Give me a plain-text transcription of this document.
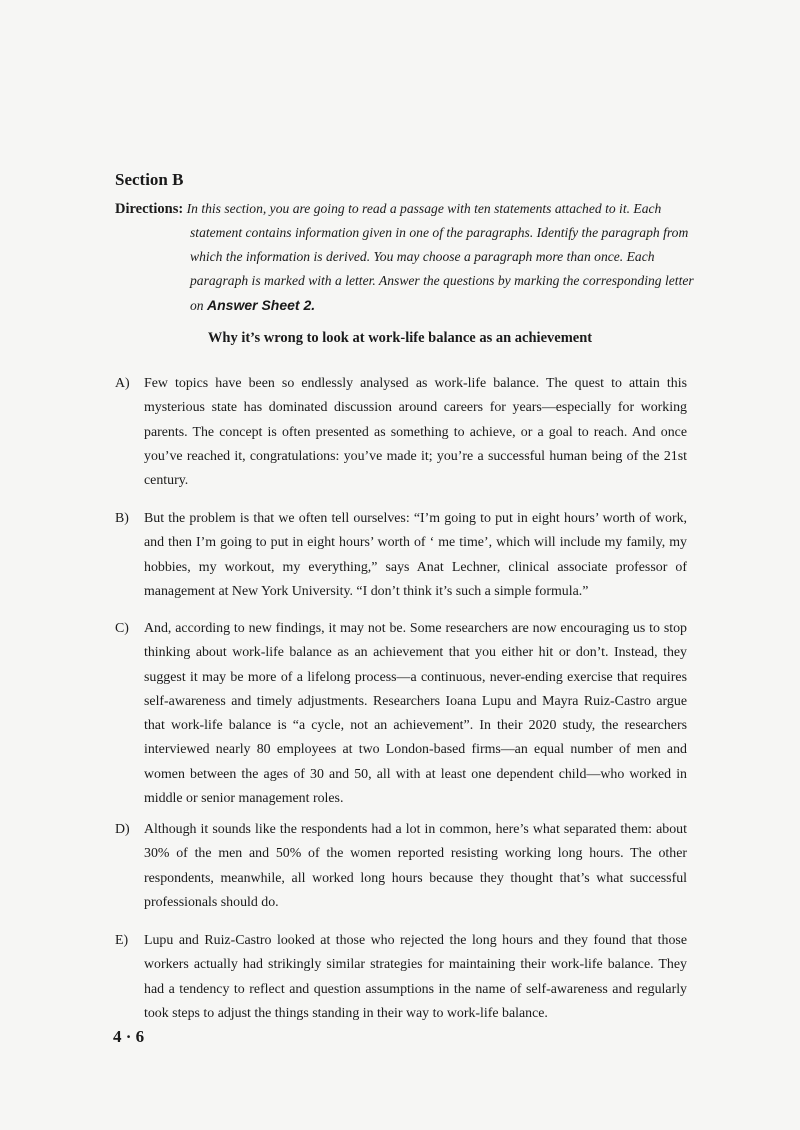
Section B
Directions: In this section, you are going to read a passage with ten statements attached to it. Each
statement contains information given in one of the paragraphs. Identify the paragraph from
which the information is derived. You may choose a paragraph more than once. Each
paragraph is marked with a letter. Answer the questions by marking the corresponding letter
on Answer Sheet 2.
Why it’s wrong to look at work-life balance as an achievement
A)	Few topics have been so endlessly analysed as work-life balance. The quest to attain this mysterious state has dominated discussion around careers for years—especially for working parents. The concept is often presented as something to achieve, or a goal to reach. And once you’ve reached it, congratulations: you’ve made it; you’re a successful human being of the 21st century.
B)	But the problem is that we often tell ourselves: “I’m going to put in eight hours’ worth of work, and then I’m going to put in eight hours’ worth of ‘ me time’, which will include my family, my hobbies, my workout, my everything,” says Anat Lechner, clinical associate professor of management at New York University. “I don’t think it’s such a simple formula.”
C)	And, according to new findings, it may not be. Some researchers are now encouraging us to stop thinking about work-life balance as an achievement that you either hit or don’t. Instead, they suggest it may be more of a lifelong process—a continuous, never-ending exercise that requires self-awareness and timely adjustments. Researchers Ioana Lupu and Mayra Ruiz-Castro argue that work-life balance is “a cycle, not an achievement”. In their 2020 study, the researchers interviewed nearly 80 employees at two London-based firms—an equal number of men and women between the ages of 30 and 50, all with at least one dependent child—who worked in middle or senior management roles.
D)	Although it sounds like the respondents had a lot in common, here’s what separated them: about 30% of the men and 50% of the women reported resisting working long hours. The other respondents, meanwhile, all worked long hours because they thought that’s what successful professionals should do.
E)	Lupu and Ruiz-Castro looked at those who rejected the long hours and they found that those workers actually had strikingly similar strategies for maintaining their work-life balance. They had a tendency to reflect and question assumptions in the name of self-awareness and regularly took steps to adjust the things standing in their way to work-life balance.
4 · 6
